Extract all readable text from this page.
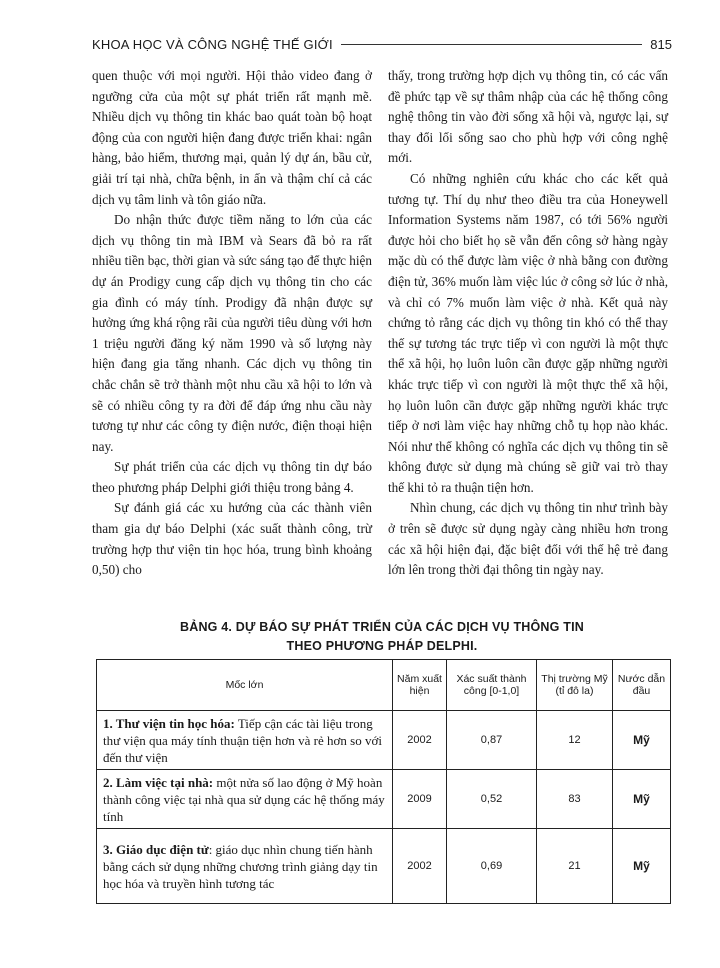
KHOA HỌC VÀ CÔNG NGHỆ THẾ GIỚI	815

quen thuộc với mọi người. Hội thảo video đang ở ngưỡng cửa của một sự phát triển rất mạnh mẽ. Nhiều dịch vụ thông tin khác bao quát toàn bộ hoạt động của con người hiện đang được triển khai: ngân hàng, bảo hiểm, thương mại, quản lý dự án, bầu cử, giải trí tại nhà, chữa bệnh, in ấn và thậm chí cả các dịch vụ tâm linh và tôn giáo nữa.

Do nhận thức được tiềm năng to lớn của các dịch vụ thông tin mà IBM và Sears đã bỏ ra rất nhiều tiền bạc, thời gian và sức sáng tạo để thực hiện dự án Prodigy cung cấp dịch vụ thông tin cho các gia đình có máy tính. Prodigy đã nhận được sự hưởng ứng khá rộng rãi của người tiêu dùng với hơn 1 triệu người đăng ký năm 1990 và số lượng này hiện đang gia tăng nhanh. Các dịch vụ thông tin chắc chắn sẽ trở thành một nhu cầu xã hội to lớn và sẽ có nhiều công ty ra đời để đáp ứng nhu cầu này tương tự như các công ty điện nước, điện thoại hiện nay.

Sự phát triển của các dịch vụ thông tin dự báo theo phương pháp Delphi giới thiệu trong bảng 4.

Sự đánh giá các xu hướng của các thành viên tham gia dự báo Delphi (xác suất thành công, trừ trường hợp thư viện tin học hóa, trung bình khoảng 0,50) cho

thấy, trong trường hợp dịch vụ thông tin, có các vấn đề phức tạp về sự thâm nhập của các hệ thống công nghệ thông tin vào đời sống xã hội và, ngược lại, sự thay đổi lối sống sao cho phù hợp với công nghệ mới.

Có những nghiên cứu khác cho các kết quả tương tự. Thí dụ như theo điều tra của Honeywell Information Systems năm 1987, có tới 56% người được hỏi cho biết họ sẽ vẫn đến công sở hàng ngày mặc dù có thể được làm việc ở nhà bằng con đường điện tử, 36% muốn làm việc lúc ở công sở lúc ở nhà, và chỉ có 7% muốn làm việc ở nhà. Kết quả này chứng tỏ rằng các dịch vụ thông tin khó có thể thay thế sự tương tác trực tiếp vì con người là một thực thể xã hội, họ luôn luôn cần được gặp những người khác trực tiếp vì con người là một thực thể xã hội, họ luôn luôn cần được gặp những người khác trực tiếp ở nơi làm việc hay những chỗ tụ họp nào khác. Nói như thế không có nghĩa các dịch vụ thông tin sẽ không được sử dụng mà chúng sẽ giữ vai trò thay thế khi tỏ ra thuận tiện hơn.

Nhìn chung, các dịch vụ thông tin như trình bày ở trên sẽ được sử dụng ngày càng nhiều hơn trong các xã hội hiện đại, đặc biệt đối với thế hệ trẻ đang lớn lên trong thời đại thông tin ngày nay.

BẢNG 4. DỰ BÁO SỰ PHÁT TRIỂN CỦA CÁC DỊCH VỤ THÔNG TIN
THEO PHƯƠNG PHÁP DELPHI.
Mốc lớn	Năm xuất hiện	Xác suất thành công [0-1,0]	Thị trường Mỹ (tỉ đô la)	Nước dẫn đầu
1. Thư viện tin học hóa: Tiếp cận các tài liệu trong thư viện qua máy tính thuận tiện hơn và rẻ hơn so với đến thư viện	2002	0,87	12	Mỹ
2. Làm việc tại nhà: một nửa số lao động ở Mỹ hoàn thành công việc tại nhà qua sử dụng các hệ thống máy tính	2009	0,52	83	Mỹ
3. Giáo dục điện tử: giáo dục nhìn chung tiến hành bằng cách sử dụng những chương trình giảng dạy tin học hóa và truyền hình tương tác	2002	0,69	21	Mỹ
